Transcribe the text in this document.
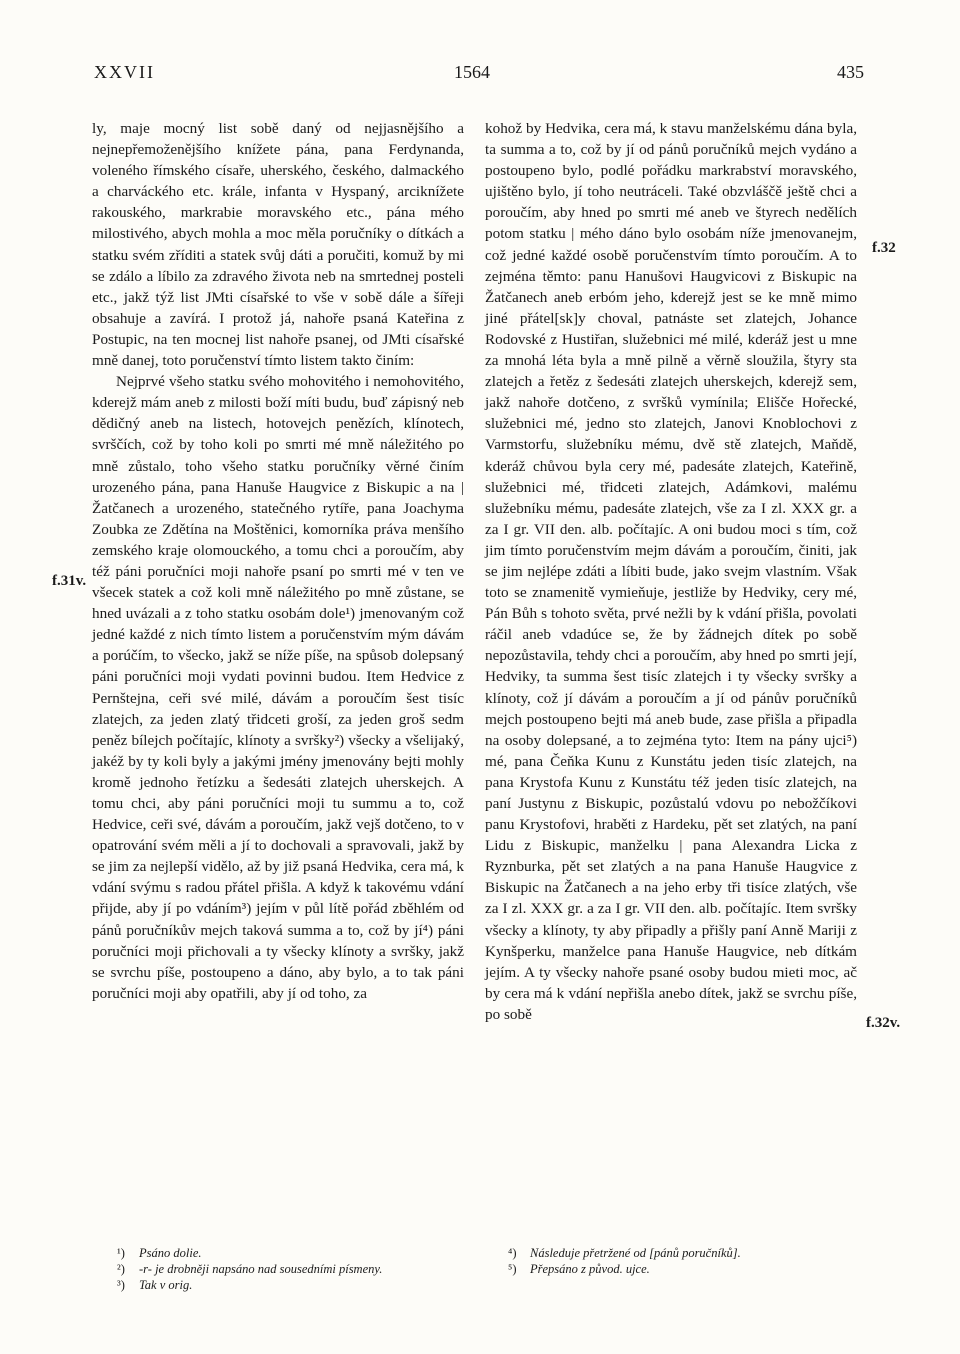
XXVII	1564	435

ly, maje mocný list sobě daný od nejjasnějšího a nejnepřemoženějšího knížete pána, pana Ferdynanda, voleného římského císaře, uherského, českého, dalmackého a charváckého etc. krále, infanta v Hyspaný, arciknížete rakouského, markrabie moravského etc., pána mého milostivého, abych mohla a moc měla poručníky o dítkách a statku svém zříditi a statek svůj dáti a poručiti, komuž by mi se zdálo a líbilo za zdravého života neb na smrtednej posteli etc., jakž týž list JMti císařské to vše v sobě dále a šířeji obsahuje a zavírá. I protož já, nahoře psaná Kateřina z Postupic, na ten mocnej list nahoře psanej, od JMti císařské mně danej, toto poručenství tímto listem takto činím:

Nejprvé všeho statku svého mohovitého i nemohovitého, kderejž mám aneb z milosti boží míti budu, buď zápisný neb dědičný aneb na listech, hotovejch penězích, klínotech, svrščích, což by toho koli po smrti mé mně náležitého po mně zůstalo, toho všeho statku poručníky věrné činím urozeného pána, pana Hanuše Haugvice z Biskupic a na | Žatčanech a urozeného, statečného rytíře, pana Joachyma Zoubka ze Zdětína na Moštěnici, komorníka práva menšího zemského kraje olomouckého, a tomu chci a poroučím, aby též páni poručníci moji nahoře psaní po smrti mé v ten ve všecek statek a což koli mně náležitého po mně zůstane, se hned uvázali a z toho statku osobám dole¹) jmenovaným což jedné každé z nich tímto listem a poručenstvím mým dávám a porúčím, to všecko, jakž se níže píše, na spůsob dolepsaný páni poručníci moji vydati povinni budou. Item Hedvice z Pernštejna, ceři své milé, dávám a poroučím šest tisíc zlatejch, za jeden zlatý třidceti groší, za jeden groš sedm peněz bílejch počítajíc, klínoty a svršky²) všecky a všelijaký, jakéž by ty koli byly a jakými jmény jmenovány bejti mohly kromě jednoho řetízku a šedesáti zlatejch uherskejch. A tomu chci, aby páni poručníci moji tu summu a to, což Hedvice, ceři své, dávám a poroučím, jakž vejš dotčeno, to v opatrování svém měli a jí to dochovali a spravovali, jakž by se jim za nejlepší vidělo, až by již psaná Hedvika, cera má, k vdání svýmu s radou přátel přišla. A když k takovému vdání přijde, aby jí po vdáním³) jejím v půl lítě pořád zběhlém od pánů poručníkův mejch taková summa a to, což by jí⁴) páni poručníci moji přichovali a ty všecky klínoty a svršky, jakž se svrchu píše, postoupeno a dáno, aby bylo, a to tak páni poručníci moji aby opatřili, aby jí od toho, za

kohož by Hedvika, cera má, k stavu manželskému dána byla, ta summa a to, což by jí od pánů poručníků mejch vydáno a postoupeno bylo, podlé pořádku markrabství moravského, ujištěno bylo, jí toho neutráceli. Také obzvláščě ještě chci a poroučím, aby hned po smrti mé aneb ve štyrech nedělích potom statku | mého dáno bylo osobám níže jmenovanejm, což jedné každé osobě poručenstvím tímto poroučím. A to zejména těmto: panu Hanušovi Haugvicovi z Biskupic na Žatčanech aneb erbóm jeho, kderejž jest se ke mně mimo jiné přátel[sk]y choval, patnáste set zlatejch, Johance Rodovské z Hustiřan, služebnici mé milé, kderáž jest u mne za mnohá léta byla a mně pilně a věrně sloužila, štyry sta zlatejch a řetěz z šedesáti zlatejch uherskejch, kderejž sem, jakž nahoře dotčeno, z svršků vymínila; Elišče Hořecké, služebnici mé, jedno sto zlatejch, Janovi Knoblochovi z Varmstorfu, služebníku mému, dvě stě zlatejch, Maňdě, kderáž chůvou byla cery mé, padesáte zlatejch, Kateřině, služebnici mé, třidceti zlatejch, Adámkovi, malému služebníku mému, padesáte zlatejch, vše za I zl. XXX gr. a za I gr. VII den. alb. počítajíc. A oni budou moci s tím, což jim tímto poručenstvím mejm dávám a poroučím, činiti, jak se jim nejlépe zdáti a líbiti bude, jako svejm vlastním. Však toto se znamenitě vymieňuje, jestliže by Hedviky, cery mé, Pán Bůh s tohoto světa, prvé nežli by k vdání přišla, povolati ráčil aneb vdadúce se, že by žádnejch dítek po sobě nepozůstavila, tehdy chci a poroučím, aby hned po smrti její, Hedviky, ta summa šest tisíc zlatejch i ty všecky svršky a klínoty, což jí dávám a poroučím a jí od pánův poručníků mejch postoupeno bejti má aneb bude, zase přišla a připadla na osoby dolepsané, a to zejména tyto: Item na pány ujci⁵) mé, pana Čeňka Kunu z Kunstátu jeden tisíc zlatejch, na pana Krystofa Kunu z Kunstátu též jeden tisíc zlatejch, na paní Justynu z Biskupic, pozůstalú vdovu po nebožčíkovi panu Krystofovi, hraběti z Hardeku, pět set zlatých, na paní Lidu z Biskupic, manželku | pana Alexandra Licka z Ryznburka, pět set zlatých a na pana Hanuše Haugvice z Biskupic na Žatčanech a na jeho erby tři tisíce zlatých, vše za I zl. XXX gr. a za I gr. VII den. alb. počítajíc. Item svršky všecky a klínoty, ty aby připadly a přišly paní Anně Mariji z Kynšperku, manželce pana Hanuše Haugvice, neb dítkám jejím. A ty všecky nahoře psané osoby budou mieti moc, ač by cera má k vdání nepřišla anebo dítek, jakž se svrchu píše, po sobě

f.31v.
f.32
f.32v.
¹) Psáno dolie.
²) -r- je drobněji napsáno nad sousedními písmeny.
³) Tak v orig.
⁴) Následuje přetržené od [pánů poručníků].
⁵) Přepsáno z původ. ujce.
